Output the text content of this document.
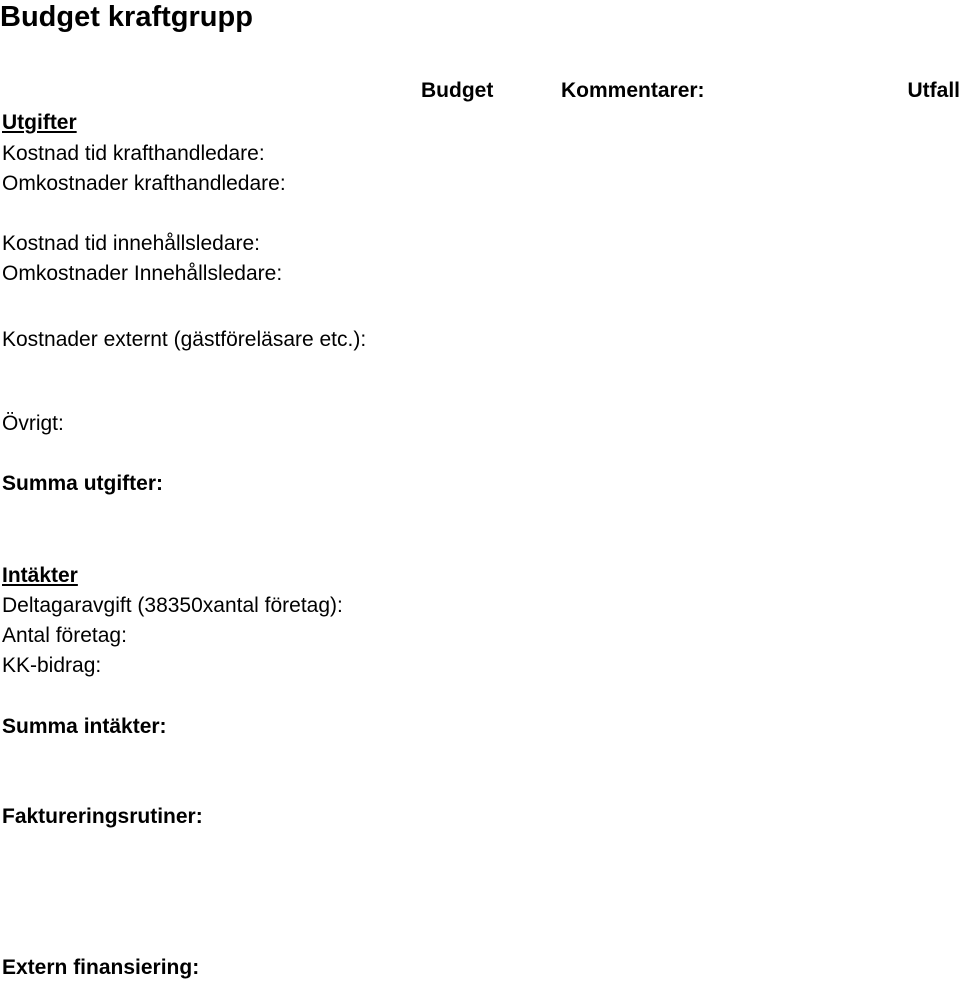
Budget kraftgrupp
Budget	Kommentarer:	Utfall
Utgifter
Kostnad tid krafthandledare:
Omkostnader krafthandledare:
Kostnad tid innehållsledare:
Omkostnader Innehållsledare:
Kostnader externt (gästföreläsare etc.):
Övrigt:
Summa utgifter:
Intäkter
Deltagaravgift (38350xantal företag):
Antal företag:
KK-bidrag:
Summa intäkter:
Faktureringsrutiner:
Extern finansiering:
